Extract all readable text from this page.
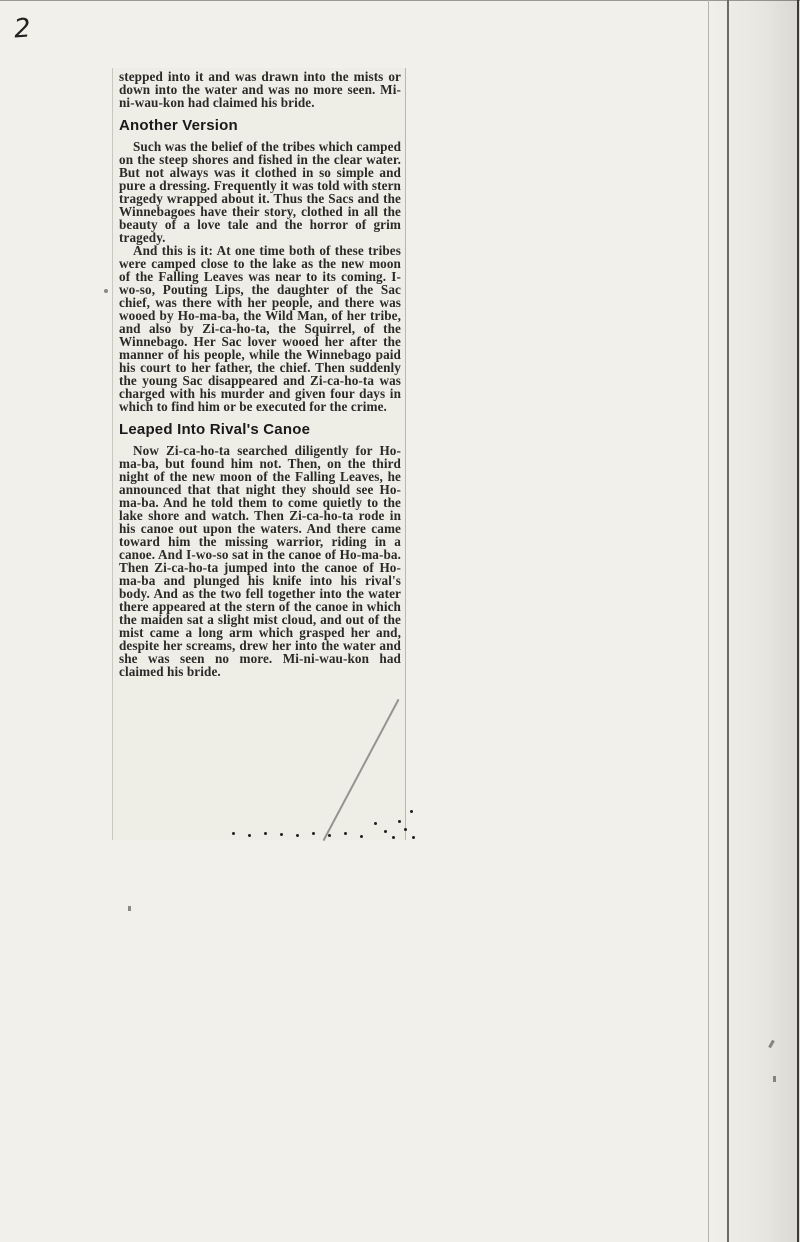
2

stepped into it and was drawn into the mists or down into the water and was no more seen. Mi-ni-wau-kon had claimed his bride.

Another Version

Such was the belief of the tribes which camped on the steep shores and fished in the clear water. But not always was it clothed in so simple and pure a dressing. Frequently it was told with stern tragedy wrapped about it. Thus the Sacs and the Winnebagoes have their story, clothed in all the beauty of a love tale and the horror of grim tragedy.

And this is it: At one time both of these tribes were camped close to the lake as the new moon of the Falling Leaves was near to its coming. I-wo-so, Pouting Lips, the daughter of the Sac chief, was there with her people, and there was wooed by Ho-ma-ba, the Wild Man, of her tribe, and also by Zi-ca-ho-ta, the Squirrel, of the Winnebago. Her Sac lover wooed her after the manner of his people, while the Winnebago paid his court to her father, the chief. Then suddenly the young Sac disappeared and Zi-ca-ho-ta was charged with his murder and given four days in which to find him or be executed for the crime.

Leaped Into Rival's Canoe

Now Zi-ca-ho-ta searched diligently for Ho-ma-ba, but found him not. Then, on the third night of the new moon of the Falling Leaves, he announced that that night they should see Ho-ma-ba. And he told them to come quietly to the lake shore and watch. Then Zi-ca-ho-ta rode in his canoe out upon the waters. And there came toward him the missing warrior, riding in a canoe. And I-wo-so sat in the canoe of Ho-ma-ba. Then Zi-ca-ho-ta jumped into the canoe of Ho-ma-ba and plunged his knife into his rival's body. And as the two fell together into the water there appeared at the stern of the canoe in which the maiden sat a slight mist cloud, and out of the mist came a long arm which grasped her and, despite her screams, drew her into the water and she was seen no more. Mi-ni-wau-kon had claimed his bride.
